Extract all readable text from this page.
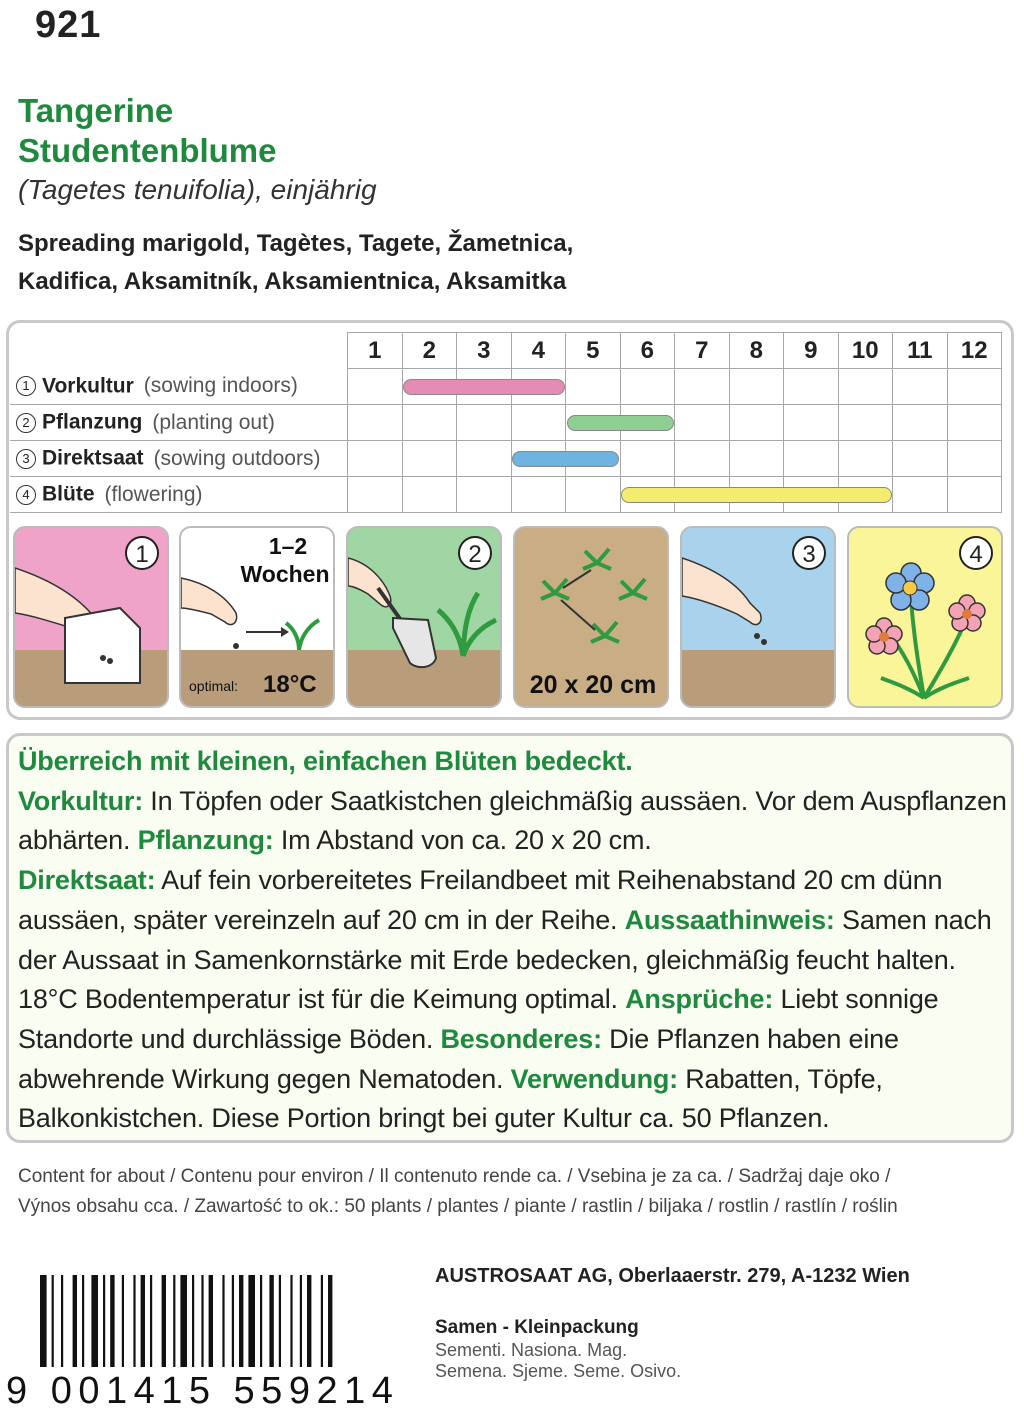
921
Tangerine
Studentenblume
(Tagetes tenuifolia), einjährig
Spreading marigold, Tagètes, Tagete, Žametnica,
Kadifica, Aksamitník, Aksamientnica, Aksamitka
	1	2	3	4	5	6	7	8	9	10	11	12
1 Vorkultur (sowing indoors)												
2 Pflanzung (planting out)												
3 Direktsaat (sowing outdoors)												
4 Blüte (flowering)												
1	1–2
Wochen
optimal: 18°C
2
20 x 20 cm
3	4
Überreich mit kleinen, einfachen Blüten bedeckt.
Vorkultur: In Töpfen oder Saatkistchen gleichmäßig aussäen. Vor dem Auspflanzen abhärten. Pflanzung: Im Abstand von ca. 20 x 20 cm.
Direktsaat: Auf fein vorbereitetes Freilandbeet mit Reihenabstand 20 cm dünn aussäen, später vereinzeln auf 20 cm in der Reihe. Aussaathinweis: Samen nach der Aussaat in Samenkornstärke mit Erde bedecken, gleichmäßig feucht halten. 18°C Bodentemperatur ist für die Keimung optimal. Ansprüche: Liebt sonnige Standorte und durchlässige Böden. Besonderes: Die Pflanzen haben eine abwehrende Wirkung gegen Nematoden. Verwendung: Rabatten, Töpfe, Balkonkistchen. Diese Portion bringt bei guter Kultur ca. 50 Pflanzen.
Content for about / Contenu pour environ / Il contenuto rende ca. / Vsebina je za ca. / Sadržaj daje oko /
Výnos obsahu cca. / Zawartość to ok.: 50 plants / plantes / piante / rastlin / biljaka / rostlin / rastlín / roślin
9 001415 559214
AUSTROSAAT AG, Oberlaaerstr. 279, A-1232 Wien
Samen - Kleinpackung
Sementi. Nasiona. Mag.
Semena. Sjeme. Seme. Osivo.
